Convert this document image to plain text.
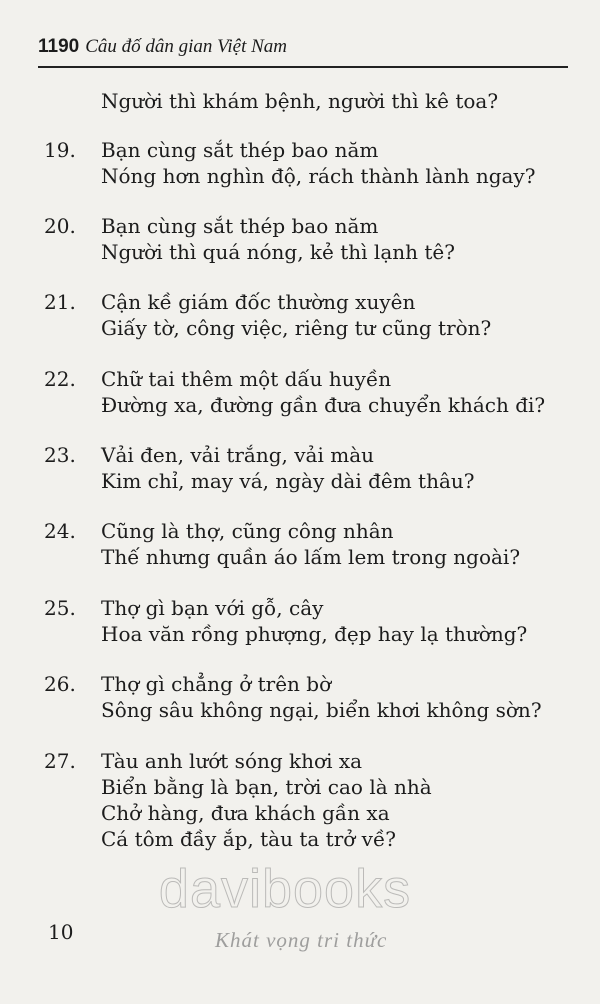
1190 Câu đố dân gian Việt Nam
Người thì khám bệnh, người thì kê toa?
19. Bạn cùng sắt thép bao năm
Nóng hơn nghìn độ, rách thành lành ngay?
20. Bạn cùng sắt thép bao năm
Người thì quá nóng, kẻ thì lạnh tê?
21. Cận kề giám đốc thường xuyên
Giấy tờ, công việc, riêng tư cũng tròn?
22. Chữ tai thêm một dấu huyền
Đường xa, đường gần đưa chuyển khách đi?
23. Vải đen, vải trắng, vải màu
Kim chỉ, may vá, ngày dài đêm thâu?
24. Cũng là thợ, cũng công nhân
Thế nhưng quần áo lấm lem trong ngoài?
25. Thợ gì bạn với gỗ, cây
Hoa văn rồng phượng, đẹp hay lạ thường?
26. Thợ gì chẳng ở trên bờ
Sông sâu không ngại, biển khơi không sờn?
27. Tàu anh lướt sóng khơi xa
Biển bằng là bạn, trời cao là nhà
Chở hàng, đưa khách gần xa
Cá tôm đầy ắp, tàu ta trở về?
davibooks
Khát vọng tri thức
10
